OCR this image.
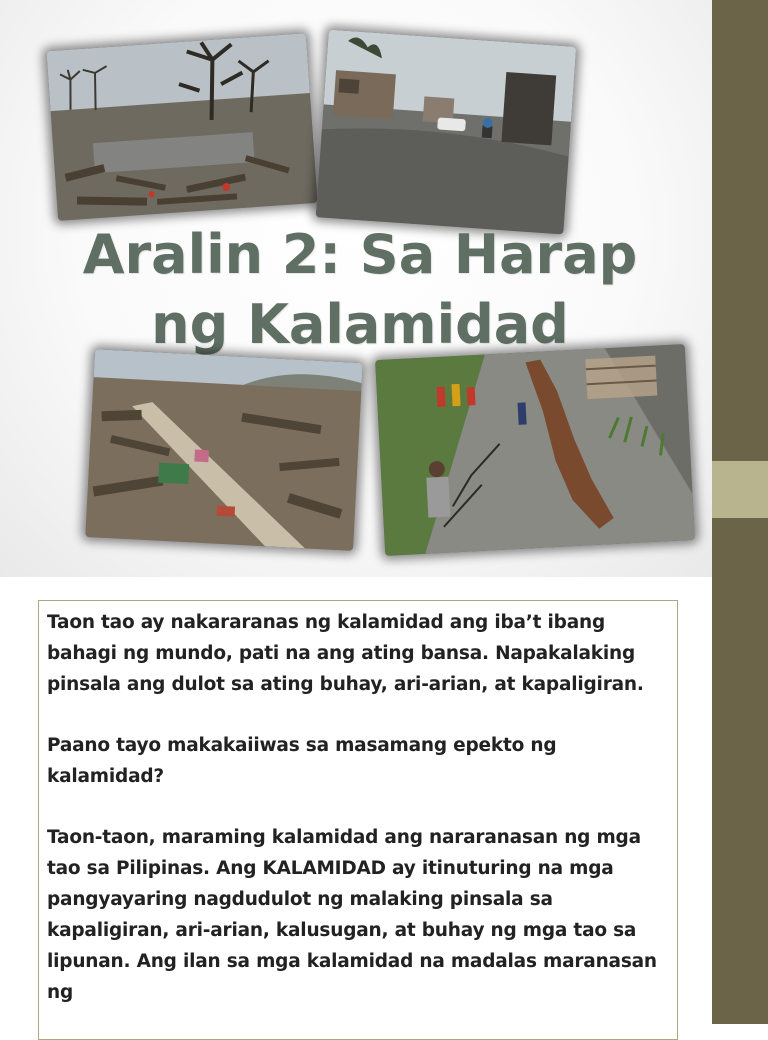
Aralin 2: Sa Harap
ng Kalamidad

Taon tao ay nakararanas ng kalamidad ang iba’t ibang bahagi ng mundo, pati na ang ating bansa. Napakalaking pinsala ang dulot sa ating buhay, ari-arian, at kapaligiran.

Paano tayo makakaiiwas sa masamang epekto ng kalamidad?

Taon-taon, maraming kalamidad ang nararanasan ng mga tao sa Pilipinas. Ang KALAMIDAD ay itinuturing na mga pangyayaring nagdudulot ng malaking pinsala sa kapaligiran, ari-arian, kalusugan, at buhay ng mga tao sa lipunan. Ang ilan sa mga kalamidad na madalas maranasan ng
